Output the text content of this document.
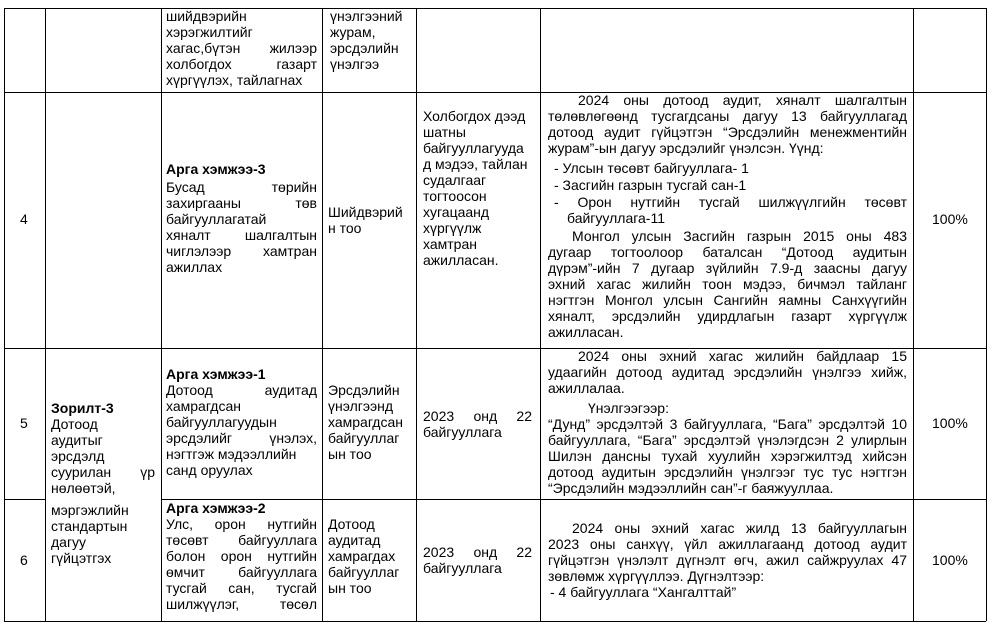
шийдвэрийн
хэрэгжилтийг
хагас,бүтэн жилээр
холбогдох газарт
хүргүүлэх, тайлагнах
үнэлгээний
журам,
эрсдэлийн
үнэлгээ
4
Арга хэмжээ-3
Бусад төрийн
захиргааны төв
байгууллагатай
хяналт шалгалтын
чиглэлээр хамтран
ажиллах
Шийдвэрий
н тоо
Холбогдох дээд
шатны
байгууллагууда
д мэдээ, тайлан
судалгааг
тогтоосон
хугацаанд
хүргүүлж
хамтран
ажилласан.
2024 оны дотоод аудит, хяналт шалгалтын
төлөвлөгөөнд тусгагдсаны дагуу 13 байгууллагад
дотоод аудит гүйцэтгэн “Эрсдэлийн менежментийн
журам”-ын дагуу эрсдэлийг үнэлсэн. Үүнд:
- Улсын төсөвт байгууллага- 1
- Засгийн газрын тусгай сан-1
- Орон нутгийн тусгай шилжүүлгийн төсөвт
байгууллага-11
Монгол улсын Засгийн газрын 2015 оны 483
дугаар тогтоолоор баталсан “Дотоод аудитын
дүрэм”-ийн 7 дугаар зүйлийн 7.9-д заасны дагуу
эхний хагас жилийн тоон мэдээ, бичмэл тайланг
нэгтгэн Монгол улсын Сангийн яамны Санхүүгийн
хяналт, эрсдэлийн удирдлагын газарт хүргүүлж
ажилласан.
100%
5
Зорилт-3
Дотоод
аудитыг
эрсдэлд
суурилан үр
нөлөөтэй,
мэргэжлийн
стандартын
дагуу
гүйцэтгэх
Арга хэмжээ-1
Дотоод аудитад
хамрагдсан
байгууллагуудын
эрсдэлийг үнэлэх,
нэгтгэж мэдээллийн
санд оруулах
Эрсдэлийн
үнэлгээнд
хамрагдсан
байгууллаг
ын тоо
2023 онд 22
байгууллага
2024 оны эхний хагас жилийн байдлаар 15
удаагийн дотоод аудитад эрсдэлийн үнэлгээ хийж,
ажиллалаа.
Үнэлгээгээр:
“Дунд” эрсдэлтэй 3 байгууллага, “Бага” эрсдэлтэй 10
байгууллага, “Бага” эрсдэлтэй үнэлэгдсэн 2 улирлын
Шилэн дансны тухай хуулийн хэрэгжилтэд хийсэн
дотоод аудитын эрсдэлийн үнэлгээг тус тус нэгтгэн
“Эрсдэлийн мэдээллийн сан”-г баяжууллаа.
100%
6
Арга хэмжээ-2
Улс, орон нутгийн
төсөвт байгууллага
болон орон нутгийн
өмчит байгууллага
тусгай сан, тусгай
шилжүүлэг, төсөл
Дотоод
аудитад
хамрагдах
байгууллаг
ын тоо
2023 онд 22
байгууллага
2024 оны эхний хагас жилд 13 байгууллагын
2023 оны санхүү, үйл ажиллагаанд дотоод аудит
гүйцэтгэн үнэлэлт дүгнэлт өгч, ажил сайжруулах 47
зөвлөмж хүргүүллээ. Дүгнэлтээр:
- 4 байгууллага “Хангалттай”
100%
